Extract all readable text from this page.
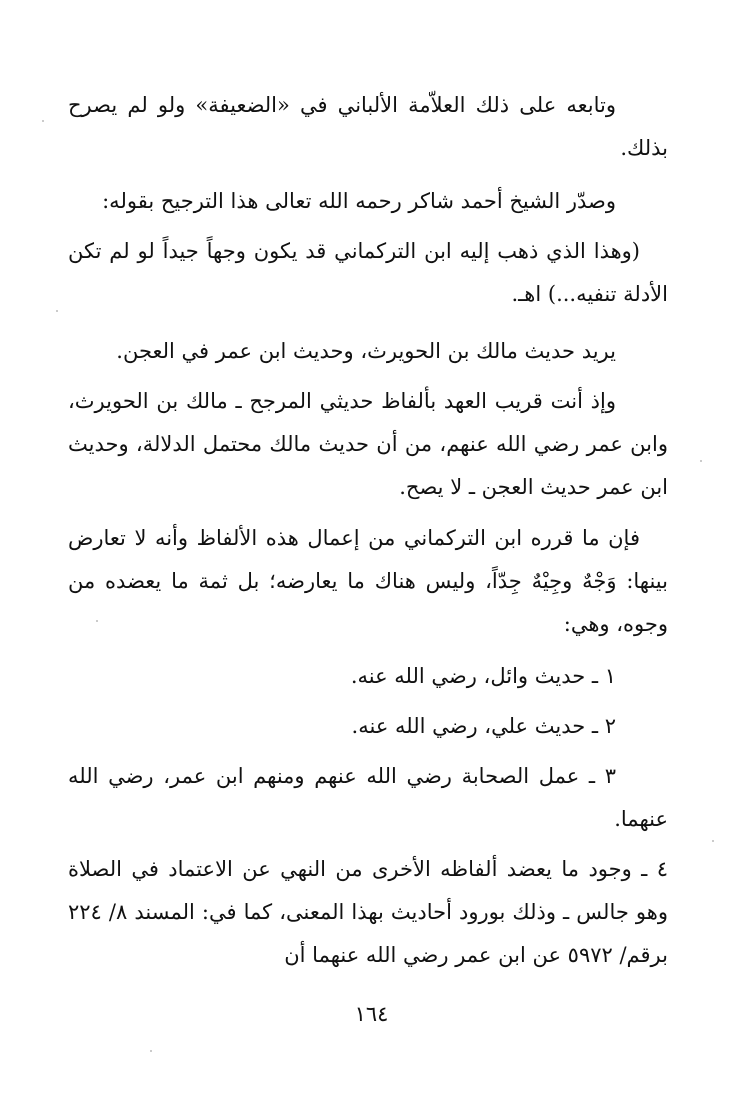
وتابعه على ذلك العلاّمة الألباني في «الضعيفة» ولو لم يصرح بذلك.
وصدّر الشيخ أحمد شاكر رحمه الله تعالى هذا الترجيح بقوله:
(وهذا الذي ذهب إليه ابن التركماني قد يكون وجهاً جيداً لو لم تكن الأدلة تنفيه...) اهـ.
يريد حديث مالك بن الحويرث، وحديث ابن عمر في العجن.
وإذ أنت قريب العهد بألفاظ حديثي المرجح ـ مالك بن الحويرث، وابن عمر رضي الله عنهم، من أن حديث مالك محتمل الدلالة، وحديث ابن عمر حديث العجن ـ لا يصح.
فإن ما قرره ابن التركماني من إعمال هذه الألفاظ وأنه لا تعارض بينها: وَجْهٌ وجِيْهٌ جِدّاً، وليس هناك ما يعارضه؛ بل ثمة ما يعضده من وجوه، وهي:
١ ـ حديث وائل، رضي الله عنه.
٢ ـ حديث علي، رضي الله عنه.
٣ ـ عمل الصحابة رضي الله عنهم ومنهم ابن عمر، رضي الله عنهما.
٤ ـ وجود ما يعضد ألفاظه الأخرى من النهي عن الاعتماد في الصلاة وهو جالس ـ وذلك بورود أحاديث بهذا المعنى، كما في: المسند ٨/ ٢٢٤ برقم/ ٥٩٧٢ عن ابن عمر رضي الله عنهما أن
١٦٤
